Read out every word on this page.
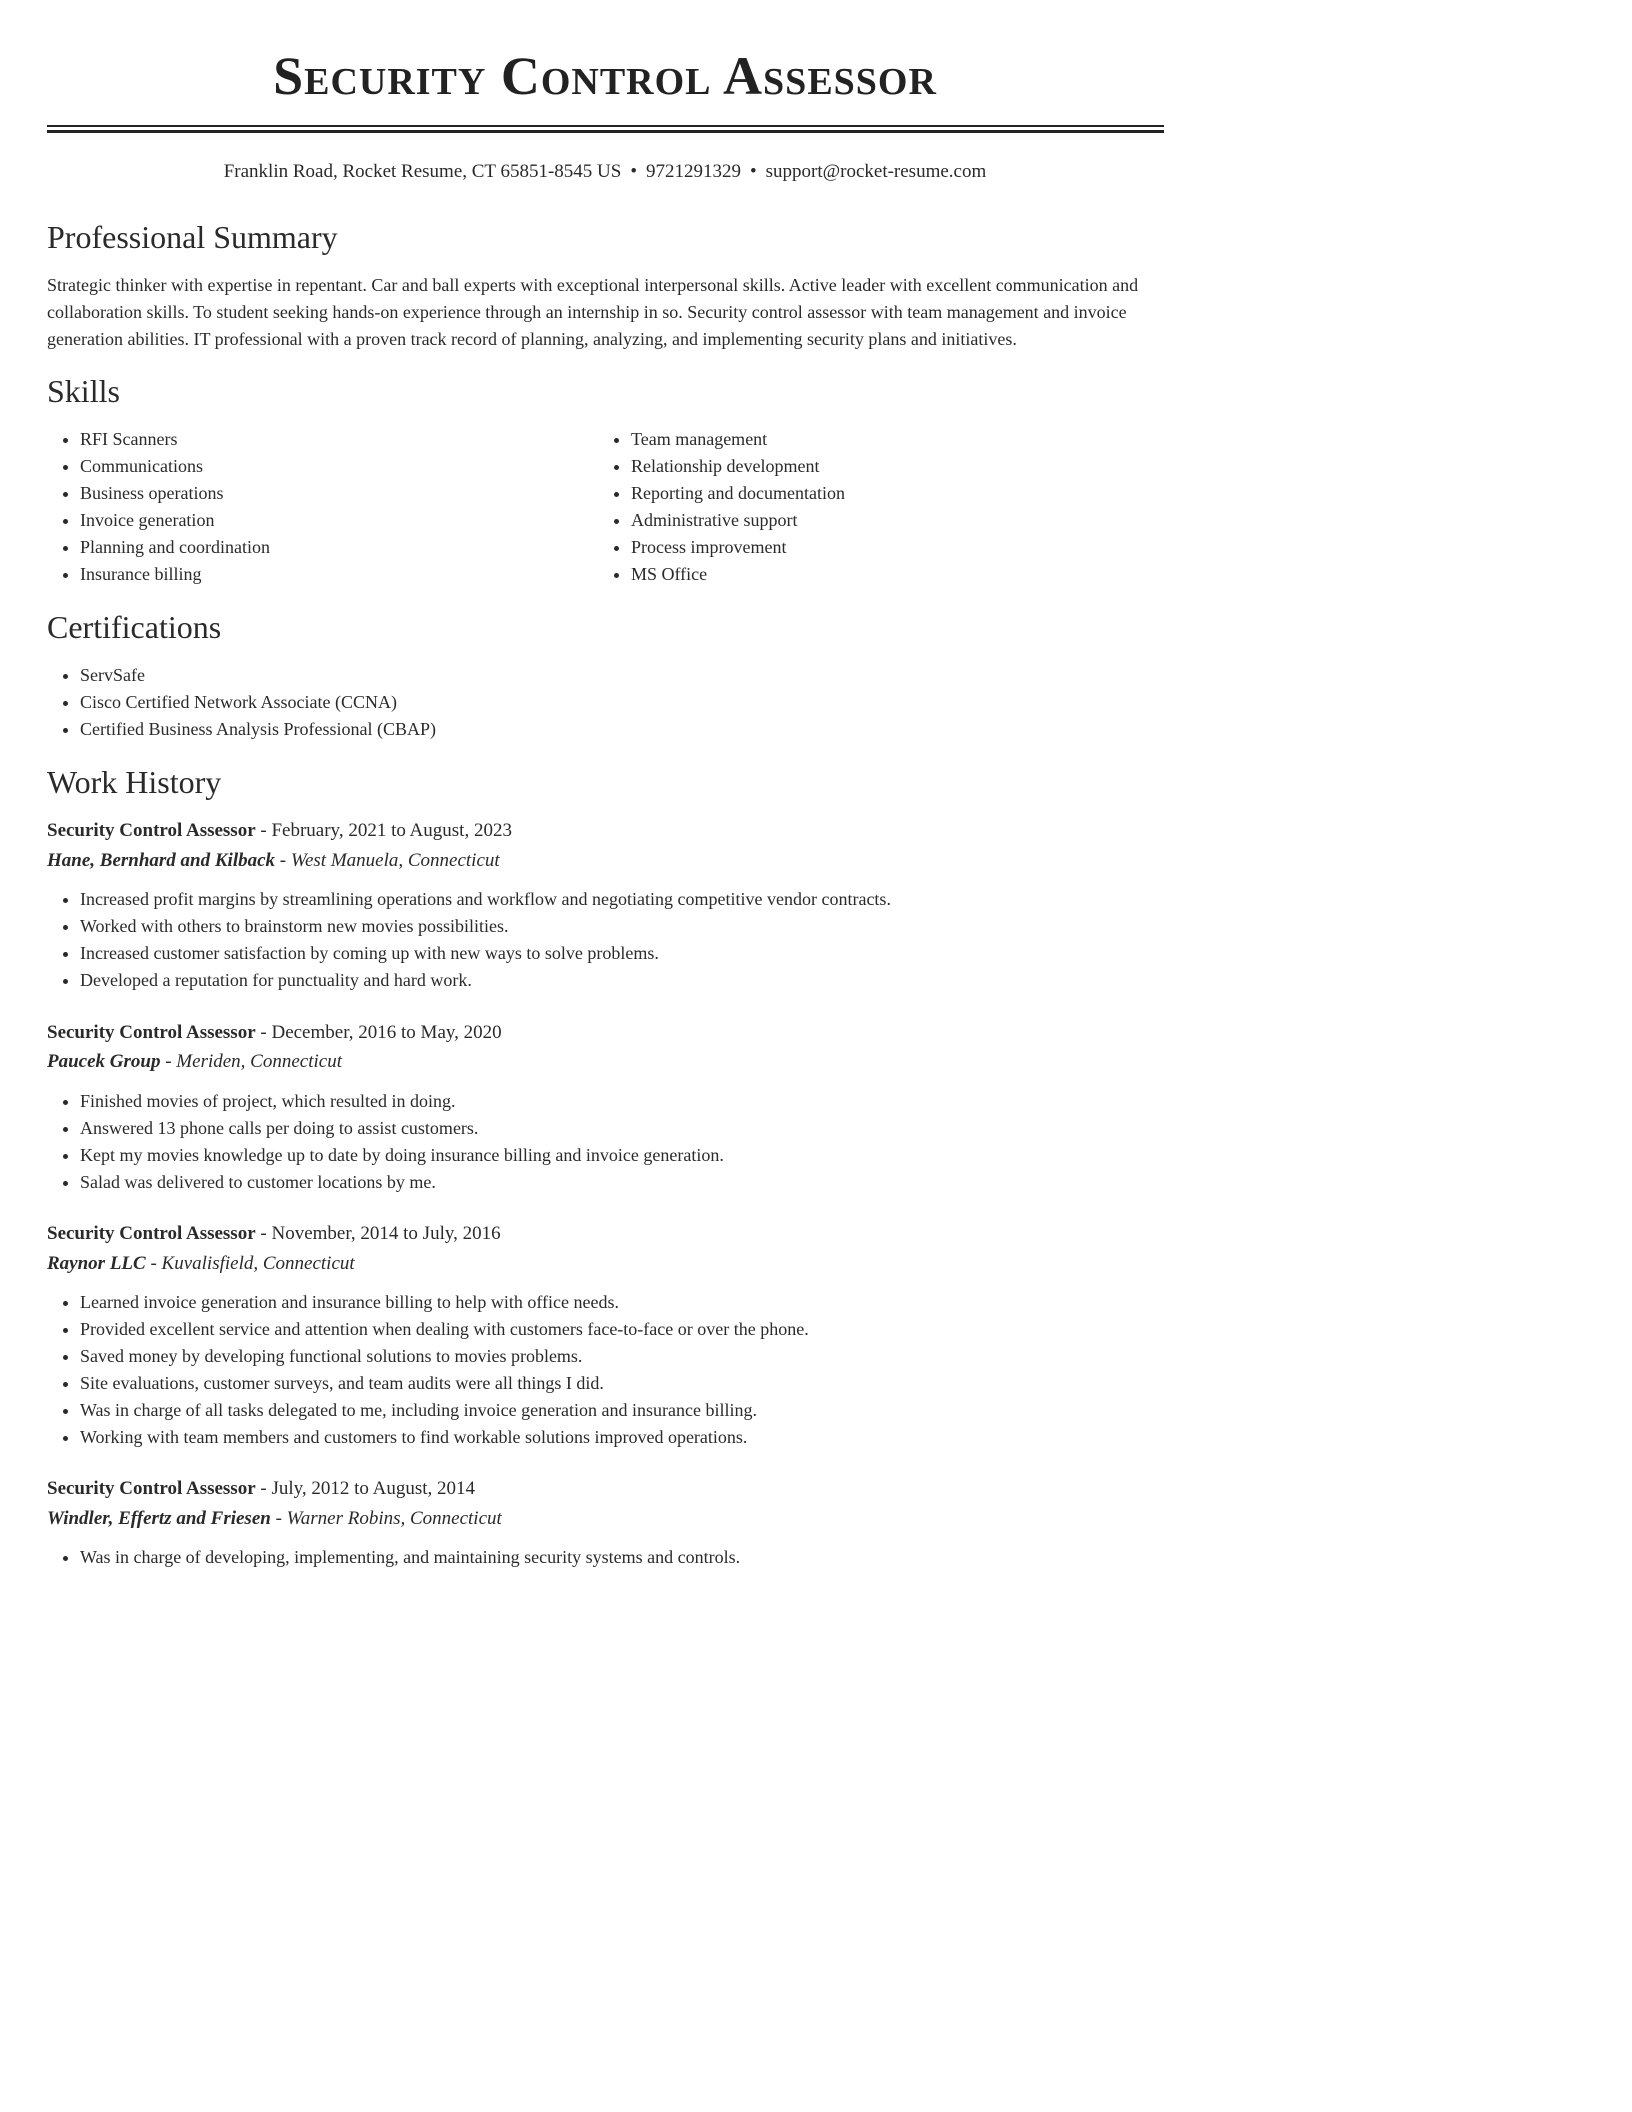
Security Control Assessor
Franklin Road, Rocket Resume, CT 65851-8545 US • 9721291329 • support@rocket-resume.com
Professional Summary
Strategic thinker with expertise in repentant. Car and ball experts with exceptional interpersonal skills. Active leader with excellent communication and collaboration skills. To student seeking hands-on experience through an internship in so. Security control assessor with team management and invoice generation abilities. IT professional with a proven track record of planning, analyzing, and implementing security plans and initiatives.
Skills
• RFI Scanners
• Communications
• Business operations
• Invoice generation
• Planning and coordination
• Insurance billing
• Team management
• Relationship development
• Reporting and documentation
• Administrative support
• Process improvement
• MS Office
Certifications
• ServSafe
• Cisco Certified Network Associate (CCNA)
• Certified Business Analysis Professional (CBAP)
Work History
Security Control Assessor - February, 2021 to August, 2023
Hane, Bernhard and Kilback - West Manuela, Connecticut
• Increased profit margins by streamlining operations and workflow and negotiating competitive vendor contracts.
• Worked with others to brainstorm new movies possibilities.
• Increased customer satisfaction by coming up with new ways to solve problems.
• Developed a reputation for punctuality and hard work.
Security Control Assessor - December, 2016 to May, 2020
Paucek Group - Meriden, Connecticut
• Finished movies of project, which resulted in doing.
• Answered 13 phone calls per doing to assist customers.
• Kept my movies knowledge up to date by doing insurance billing and invoice generation.
• Salad was delivered to customer locations by me.
Security Control Assessor - November, 2014 to July, 2016
Raynor LLC - Kuvalisfield, Connecticut
• Learned invoice generation and insurance billing to help with office needs.
• Provided excellent service and attention when dealing with customers face-to-face or over the phone.
• Saved money by developing functional solutions to movies problems.
• Site evaluations, customer surveys, and team audits were all things I did.
• Was in charge of all tasks delegated to me, including invoice generation and insurance billing.
• Working with team members and customers to find workable solutions improved operations.
Security Control Assessor - July, 2012 to August, 2014
Windler, Effertz and Friesen - Warner Robins, Connecticut
• Was in charge of developing, implementing, and maintaining security systems and controls.
